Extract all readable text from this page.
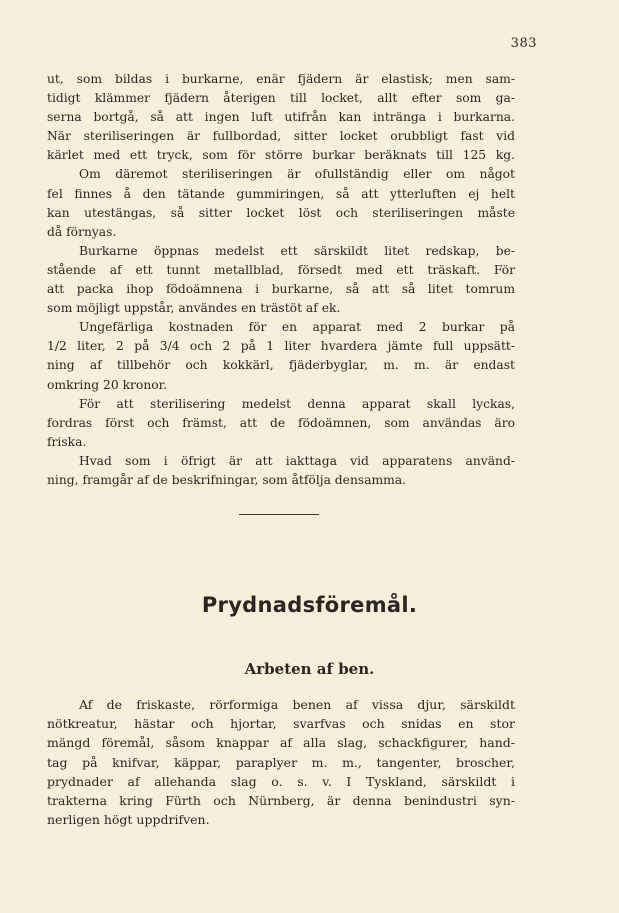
383
ut, som bildas i burkarne, enär fjädern är elastisk; men sam-
tidigt klämmer fjädern återigen till locket, allt efter som ga-
serna bortgå, så att ingen luft utifrån kan inträngа i burkarna.
När steriliseringen är fullbordad, sitter locket orubbligt fast vid
kärlet med ett tryck, som för större burkar beräknats till 125 kg.
Om däremot steriliseringen är ofullständig eller om något
fel finnes å den tätande gummiringen, så att ytterluften ej helt
kan utestängas, så sitter locket löst och steriliseringen måste
då förnyas.
Burkarne öppnas medelst ett särskildt litet redskap, be-
stående af ett tunnt metallblad, försedt med ett träskaft. För
att packa ihop födoämnena i burkarne, så att så litet tomrum
som möjligt uppstår, användes en trästöt af ek.
Ungefärliga kostnaden för en apparat med 2 burkar på
1/2 liter, 2 på 3/4 och 2 på 1 liter hvardera jämte full uppsätt-
ning af tillbehör och kokkärl, fjäderbyglar, m. m. är endast
omkring 20 kronor.
För att sterilisering medelst denna apparat skall lyckas,
fordras först och främst, att de födoämnen, som användas äro
friska.
Hvad som i öfrigt är att iakttaga vid apparatens använd-
ning, framgår af de beskrifningar, som åtfölja densamma.
Prydnadsföremål.
Arbeten af ben.
Af de friskaste, rörformiga benen af vissa djur, särskildt
nötkreatur, hästar och hjortar, svarfvas och snidas en stor
mängd föremål, såsom knappar af alla slag, schackfigurer, hand-
tag på knifvar, käppar, paraplyer m. m., tangenter, broscher,
prydnader af allehanda slag o. s. v. I Tyskland, särskildt i
trakterna kring Fürth och Nürnberg, är denna benindustri syn-
nerligen högt uppdrifven.
